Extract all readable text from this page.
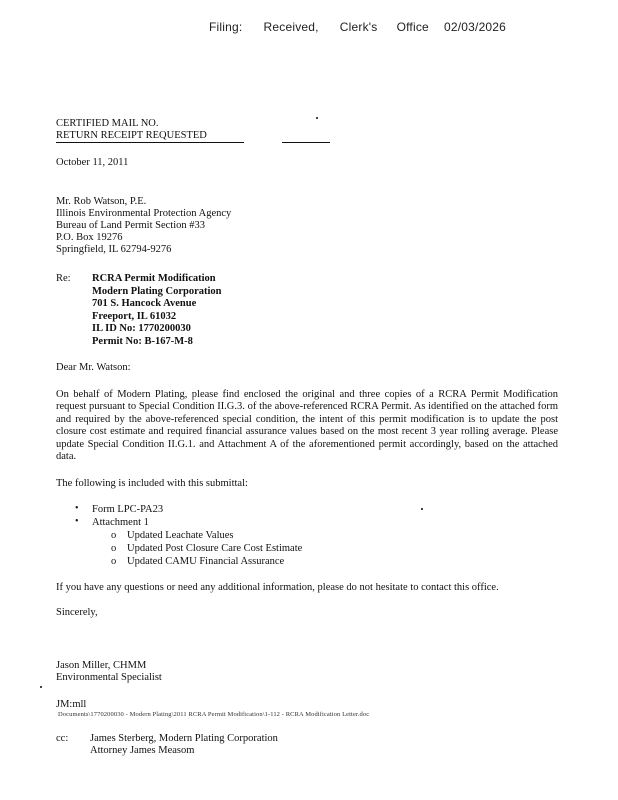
Filing: Received, Clerk's Office 02/03/2026
CERTIFIED MAIL NO.
RETURN RECEIPT REQUESTED
October 11, 2011
Mr. Rob Watson, P.E.
Illinois Environmental Protection Agency
Bureau of Land Permit Section #33
P.O. Box 19276
Springfield, IL 62794-9276
Re: RCRA Permit Modification
Modern Plating Corporation
701 S. Hancock Avenue
Freeport, IL 61032
IL ID No: 1770200030
Permit No: B-167-M-8
Dear Mr. Watson:
On behalf of Modern Plating, please find enclosed the original and three copies of a RCRA Permit Modification request pursuant to Special Condition II.G.3. of the above-referenced RCRA Permit. As identified on the attached form and required by the above-referenced special condition, the intent of this permit modification is to update the post closure cost estimate and required financial assurance values based on the most recent 3 year rolling average. Please update Special Condition II.G.1. and Attachment A of the aforementioned permit accordingly, based on the attached data.
The following is included with this submittal:
• Form LPC-PA23
• Attachment 1
o Updated Leachate Values
o Updated Post Closure Care Cost Estimate
o Updated CAMU Financial Assurance
If you have any questions or need any additional information, please do not hesitate to contact this office.
Sincerely,
Jason Miller, CHMM
Environmental Specialist
JM:mll
Documents\1770200030 - Modern Plating\2011 RCRA Permit Modification\1-112 - RCRA Modification Letter.doc
cc: James Sterberg, Modern Plating Corporation
Attorney James Measom
